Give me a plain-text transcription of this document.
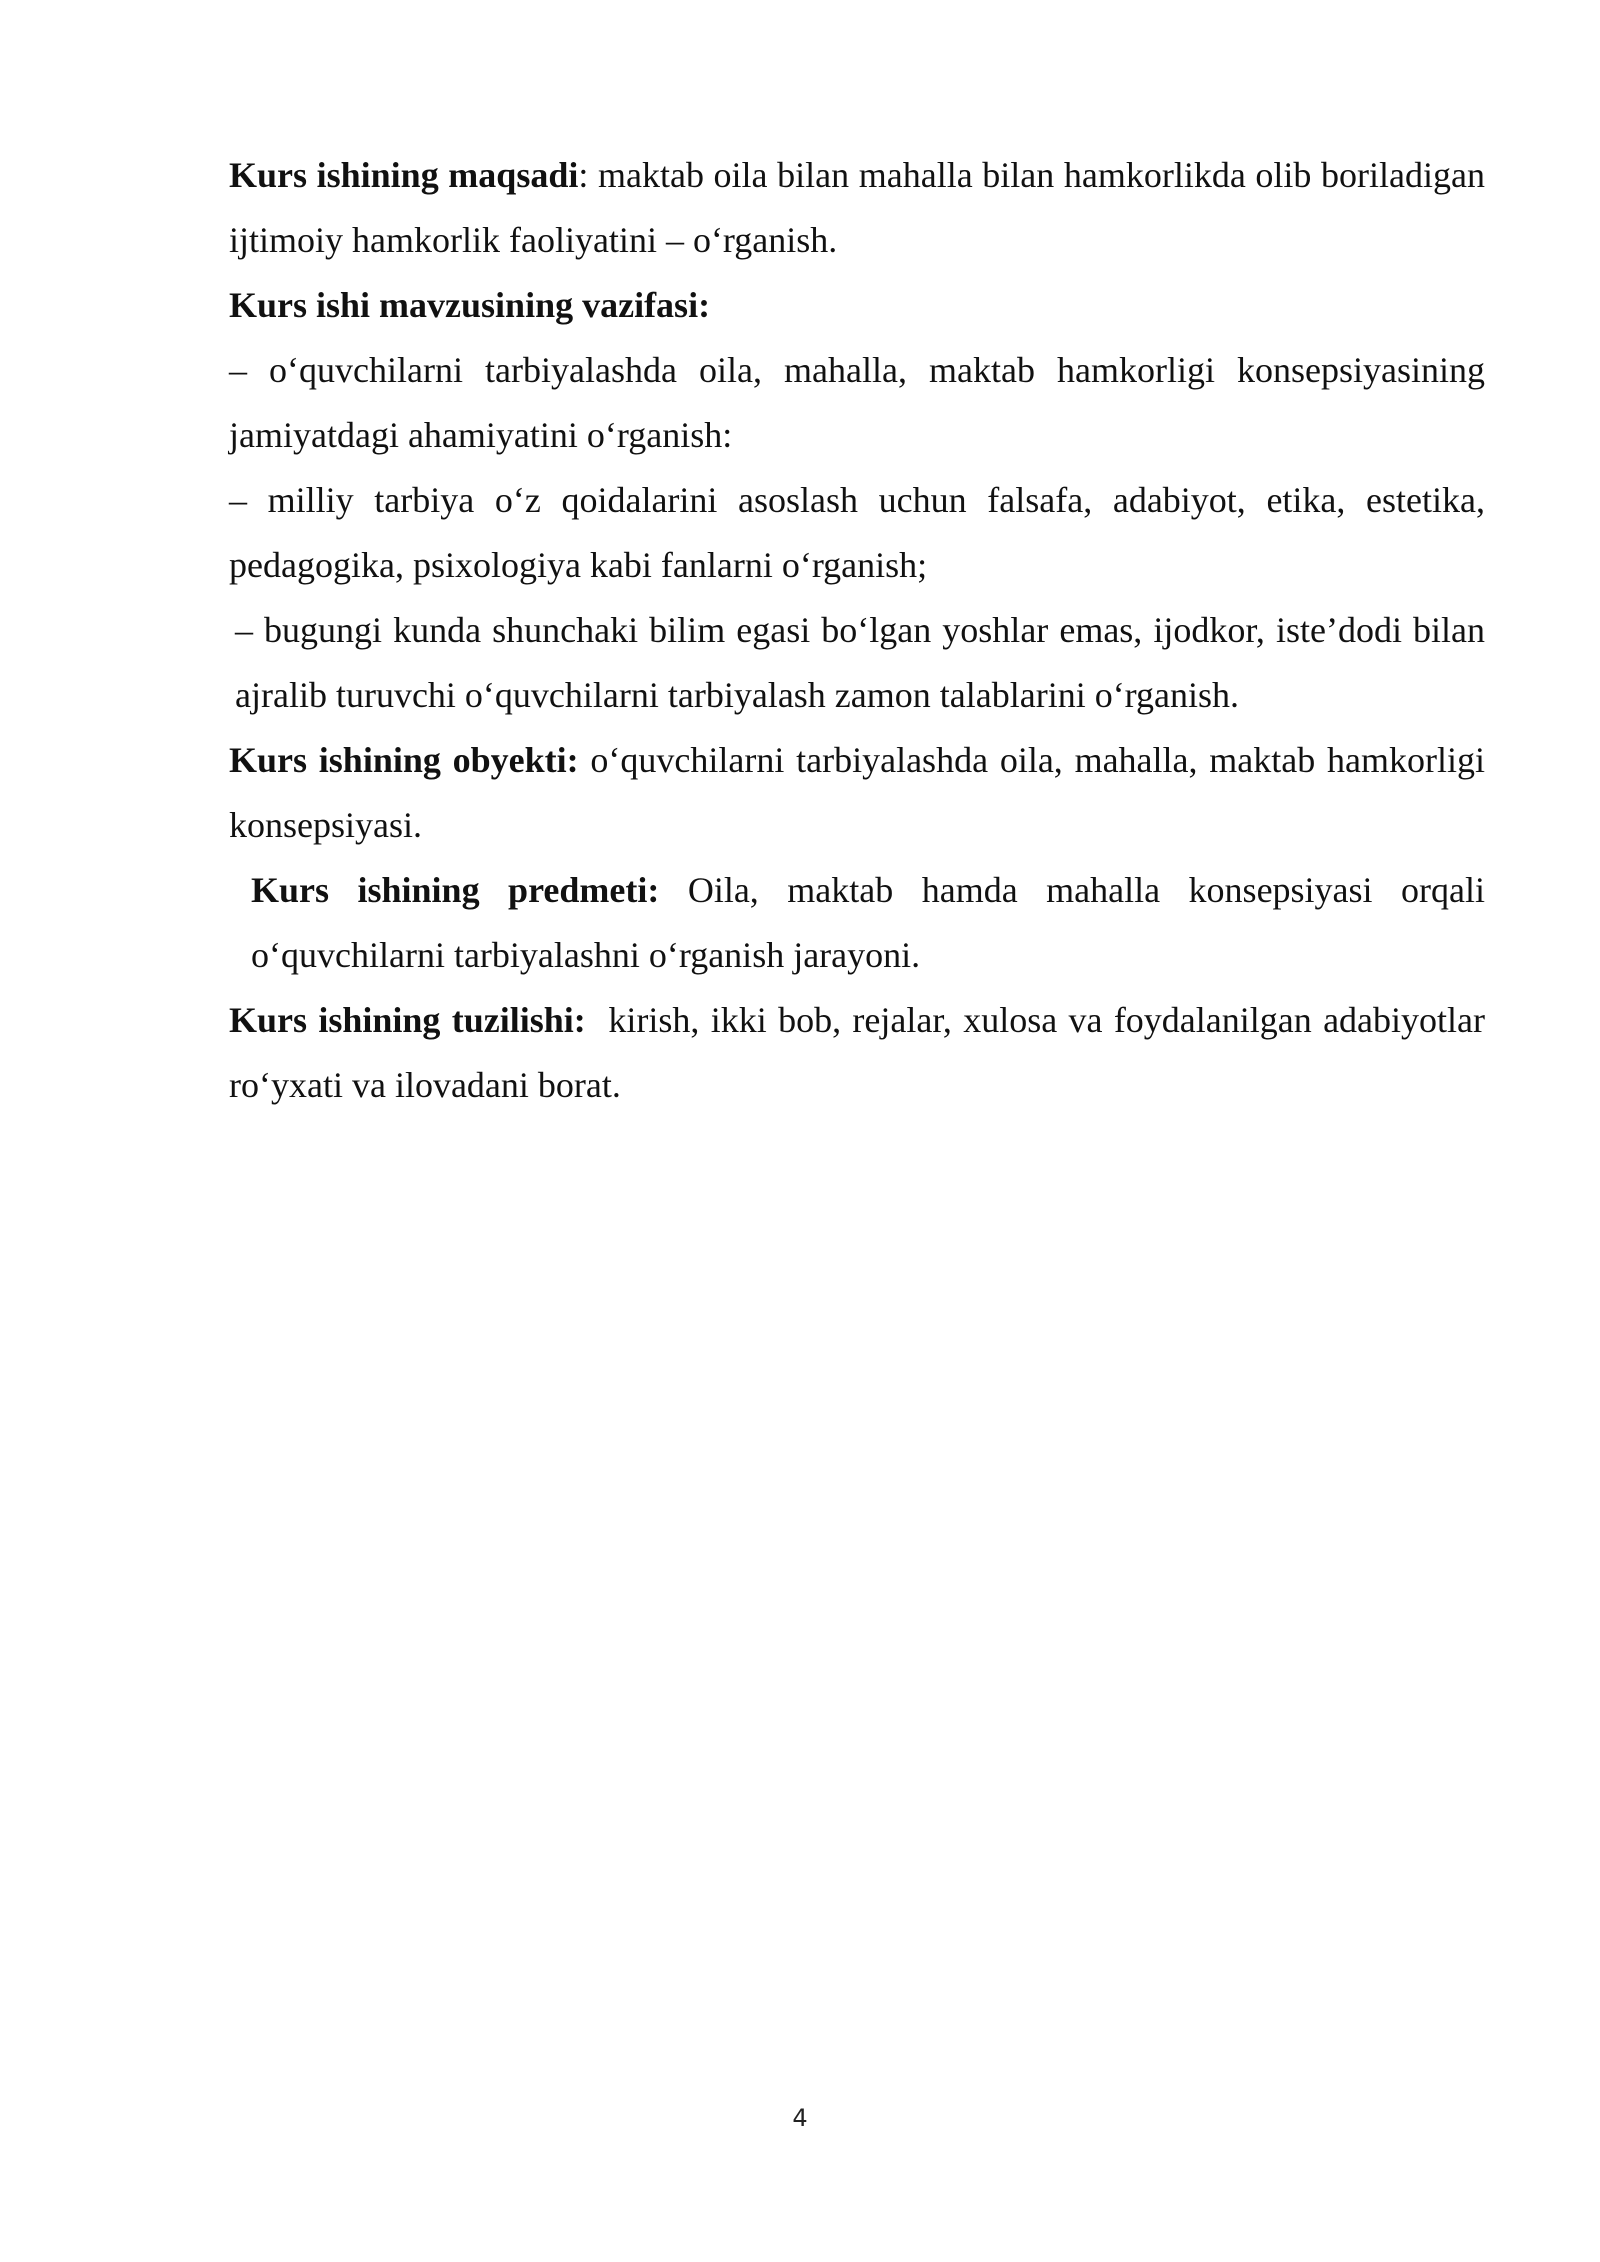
Kurs ishining maqsadi: maktab oila bilan mahalla bilan hamkorlikda olib boriladigan ijtimoiy hamkorlik faoliyatini – oʻrganish.

Kurs ishi mavzusining vazifasi:

– oʻquvchilarni tarbiyalashda oila, mahalla, maktab hamkorligi konsepsiyasining jamiyatdagi ahamiyatini oʻrganish:

– milliy tarbiya oʻz qoidalarini asoslash uchun falsafa, adabiyot, etika, estetika, pedagogika, psixologiya kabi fanlarni oʻrganish;

– bugungi kunda shunchaki bilim egasi boʻlgan yoshlar emas, ijodkor, iste’dodi bilan ajralib turuvchi oʻquvchilarni tarbiyalash zamon talablarini oʻrganish.

Kurs ishining obyekti: oʻquvchilarni tarbiyalashda oila, mahalla, maktab hamkorligi konsepsiyasi.

Kurs ishining predmeti: Oila, maktab hamda mahalla konsepsiyasi orqali oʻquvchilarni tarbiyalashni oʻrganish jarayoni.

Kurs ishining tuzilishi:  kirish, ikki bob, rejalar, xulosa va foydalanilgan adabiyotlar roʻyxati va ilovadani borat.

4
